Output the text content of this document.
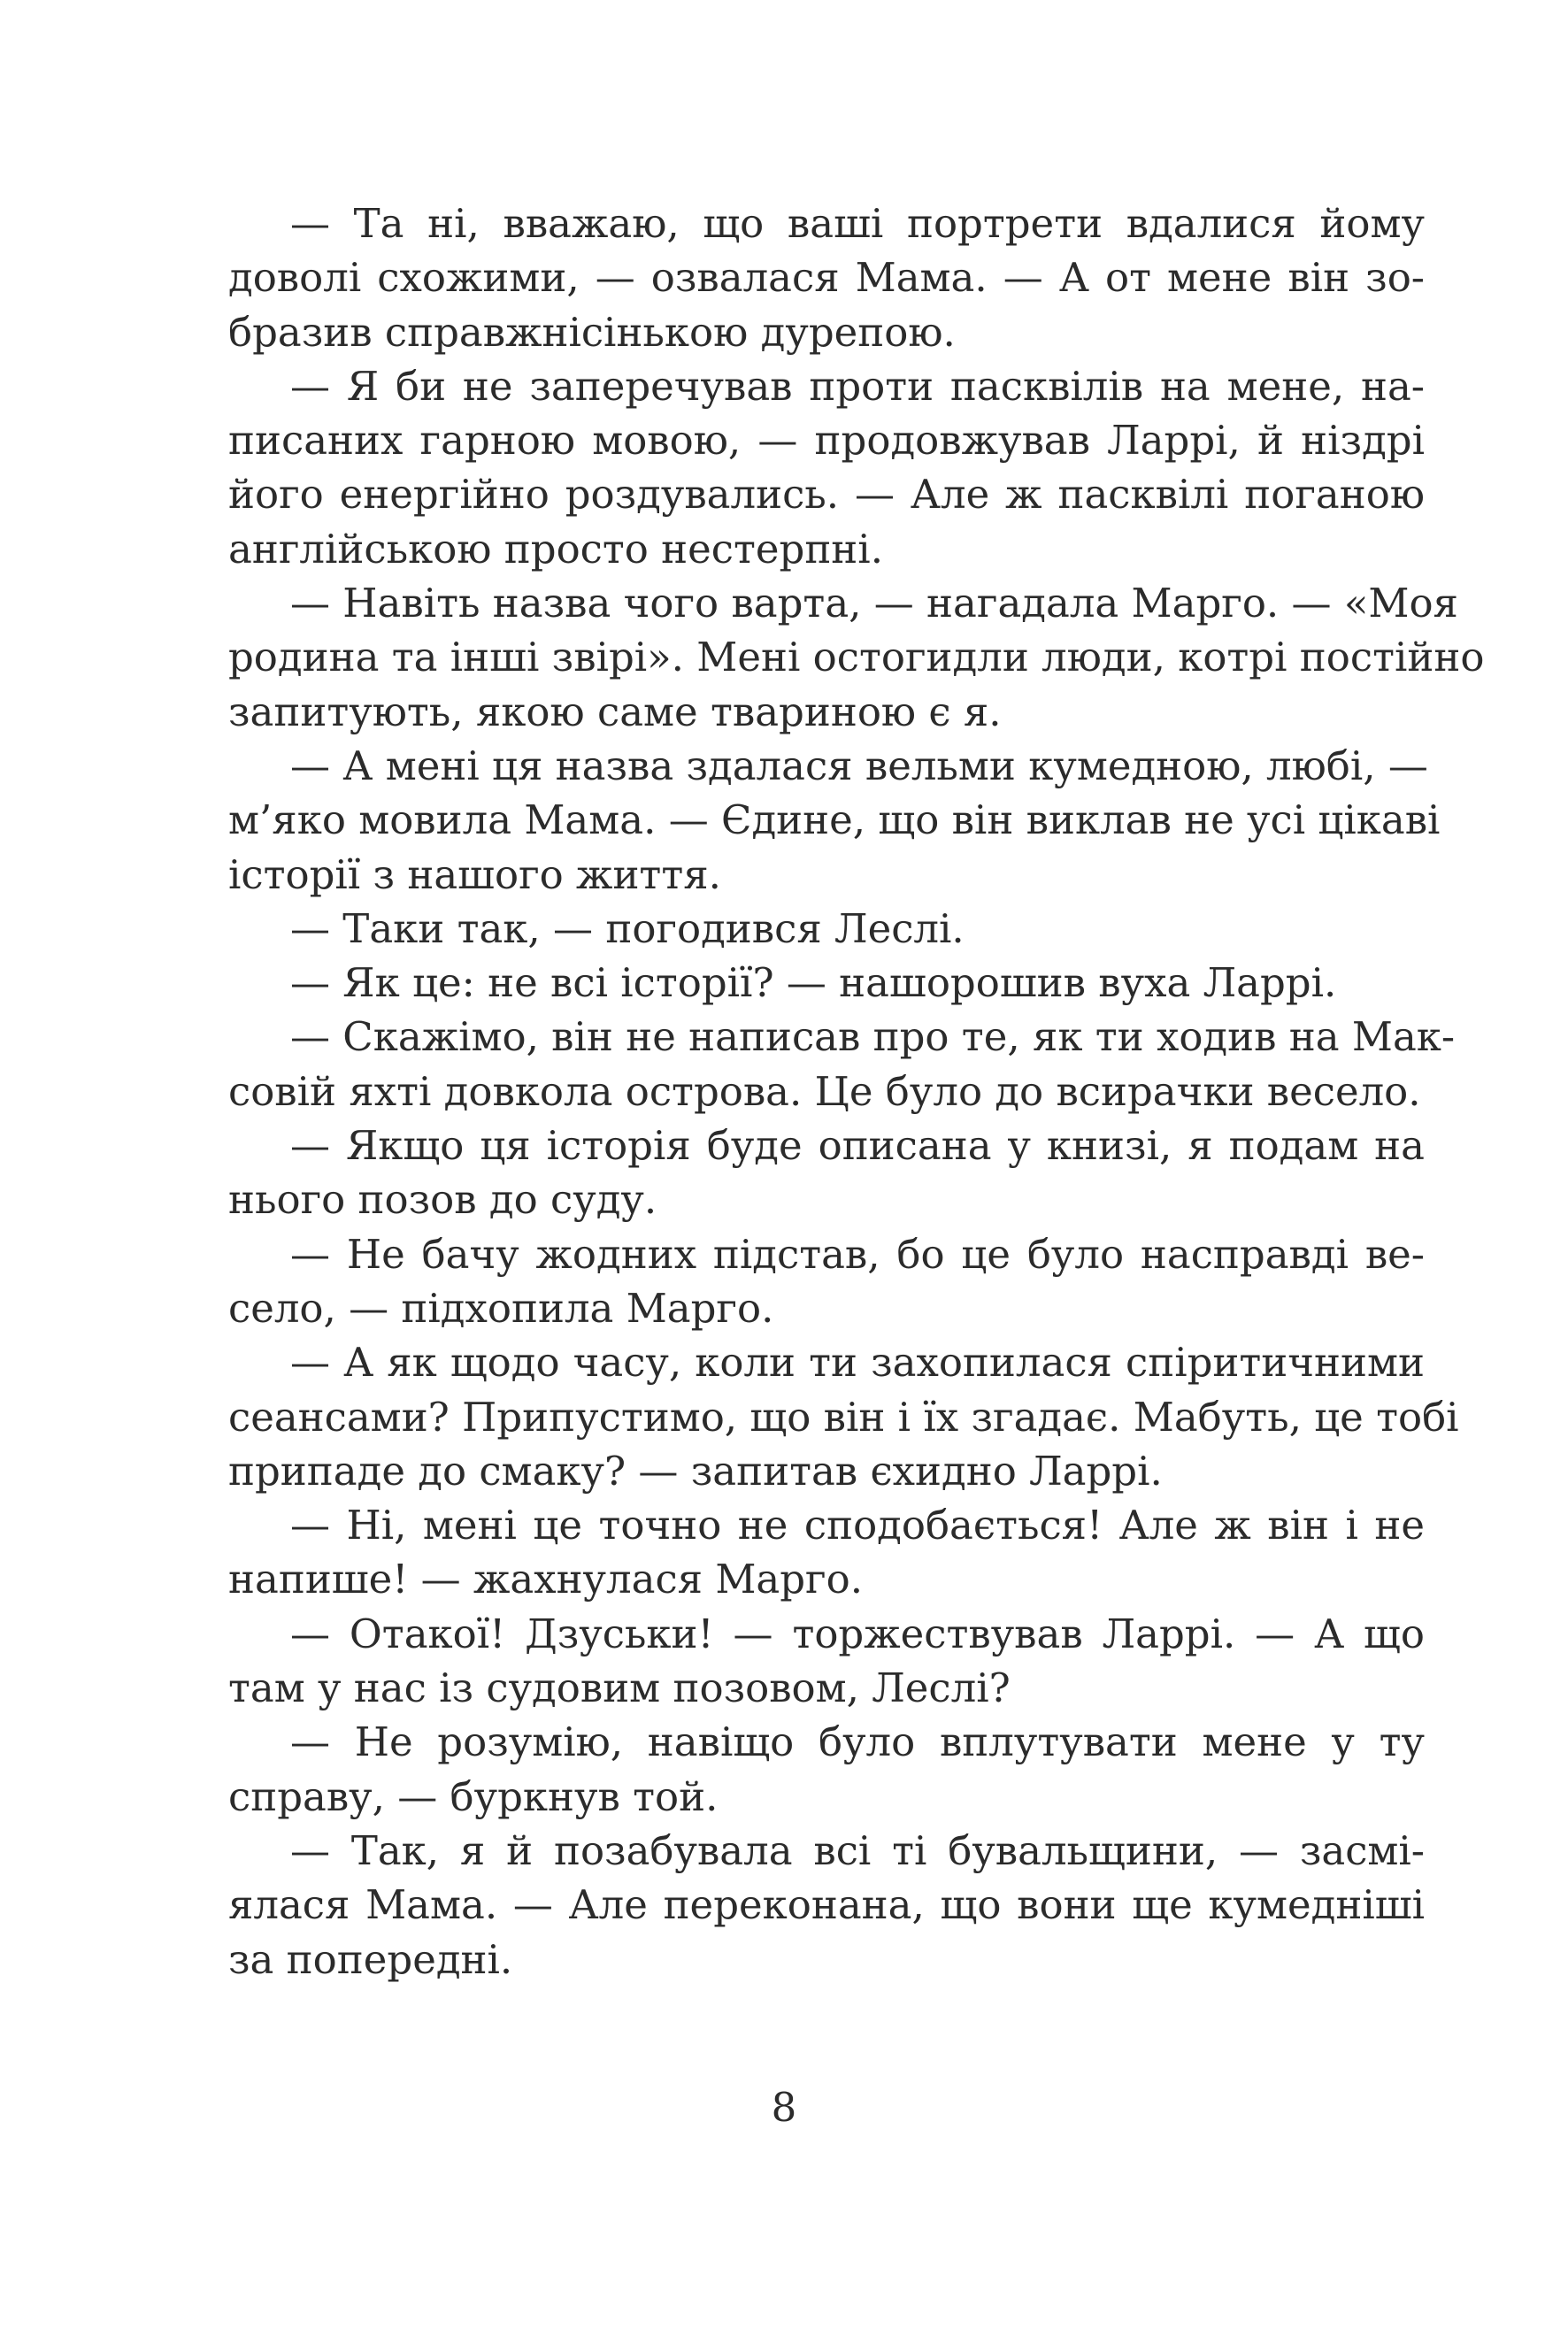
— Та ні, вважаю, що ваші портрети вдалися йому
доволі схожими, — озвалася Мама. — А от мене він зо-
бразив справжнісінькою дурепою.
— Я би не заперечував проти пасквілів на мене, на-
писаних гарною мовою, — продовжував Ларрі, й ніздрі
його енергійно роздувались. — Але ж пасквілі поганою
англійською просто нестерпні.
— Навіть назва чого варта, — нагадала Марго. — «Моя
родина та інші звірі». Мені остогидли люди, котрі постійно
запитують, якою саме твариною є я.
— А мені ця назва здалася вельми кумедною, любі, —
м’яко мовила Мама. — Єдине, що він виклав не усі цікаві
історії з нашого життя.
— Таки так, — погодився Леслі.
— Як це: не всі історії? — нашорошив вуха Ларрі.
— Скажімо, він не написав про те, як ти ходив на Мак-
совій яхті довкола острова. Це було до всирачки весело.
— Якщо ця історія буде описана у книзі, я подам на
нього позов до суду.
— Не бачу жодних підстав, бо це було насправді ве-
село, — підхопила Марго.
— А як щодо часу, коли ти захопилася спіритичними
сеансами? Припустимо, що він і їх згадає. Мабуть, це тобі
припаде до смаку? — запитав єхидно Ларрі.
— Ні, мені це точно не сподобається! Але ж він і не
напише! — жахнулася Марго.
— Отакої! Дзуськи! — торжествував Ларрі. — А що
там у нас із судовим позовом, Леслі?
— Не розумію, навіщо було вплутувати мене у ту
справу, — буркнув той.
— Так, я й позабувала всі ті бувальщини, — засмі-
ялася Мама. — Але переконана, що вони ще кумедніші
за попередні.
8
